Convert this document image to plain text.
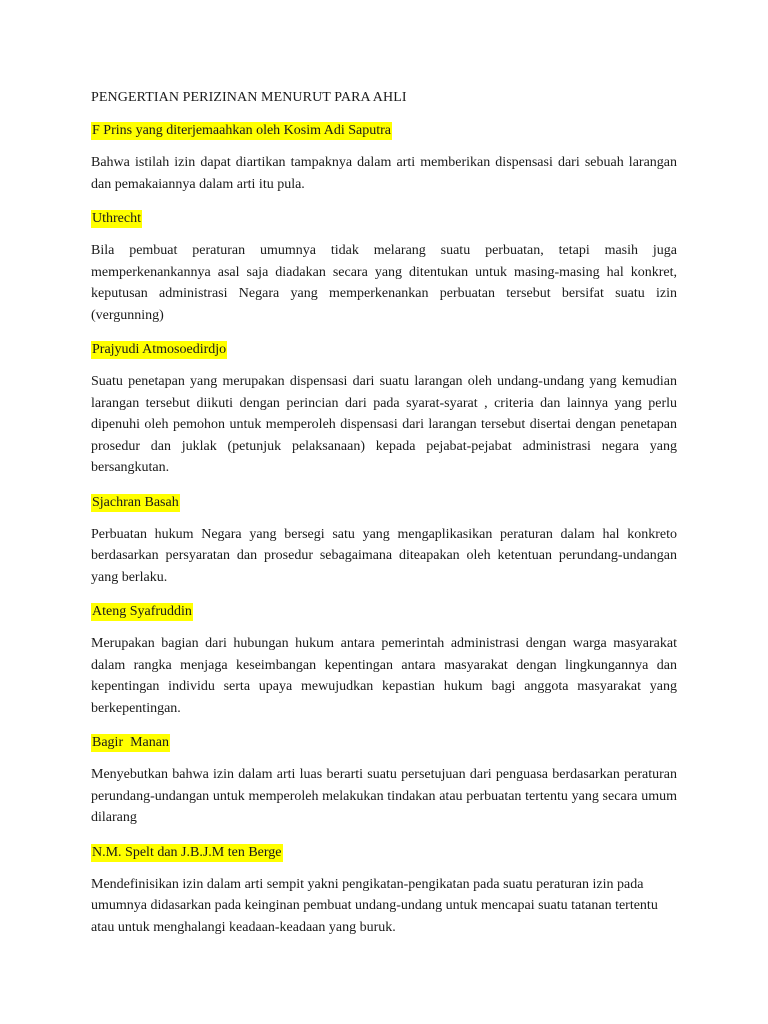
PENGERTIAN PERIZINAN MENURUT PARA AHLI
F Prins yang diterjemaahkan oleh Kosim Adi Saputra

Bahwa istilah izin dapat diartikan tampaknya dalam arti memberikan dispensasi dari sebuah larangan dan pemakaiannya dalam arti itu pula.

Uthrecht

Bila pembuat peraturan umumnya tidak melarang suatu perbuatan, tetapi masih juga memperkenankannya asal saja diadakan secara yang ditentukan untuk masing-masing hal konkret, keputusan administrasi Negara yang memperkenankan perbuatan tersebut bersifat suatu izin (vergunning)

Prajyudi Atmosoedirdjo

Suatu penetapan yang merupakan dispensasi dari suatu larangan oleh undang-undang yang kemudian larangan tersebut diikuti dengan perincian dari pada syarat-syarat , criteria dan lainnya yang perlu dipenuhi oleh pemohon untuk memperoleh dispensasi dari larangan tersebut disertai dengan penetapan prosedur dan juklak (petunjuk pelaksanaan) kepada pejabat-pejabat administrasi negara yang bersangkutan.

Sjachran Basah

Perbuatan hukum Negara yang bersegi satu yang mengaplikasikan peraturan dalam hal konkreto berdasarkan persyaratan dan prosedur sebagaimana diteapakan oleh ketentuan perundang-undangan yang berlaku.

Ateng Syafruddin

Merupakan bagian dari hubungan hukum antara pemerintah administrasi dengan warga masyarakat dalam rangka menjaga keseimbangan kepentingan antara masyarakat dengan lingkungannya dan kepentingan individu serta upaya mewujudkan kepastian hukum bagi anggota masyarakat yang berkepentingan.

Bagir  Manan

Menyebutkan bahwa izin dalam arti luas berarti suatu persetujuan dari penguasa berdasarkan peraturan perundang-undangan untuk memperoleh melakukan tindakan atau perbuatan tertentu yang secara umum dilarang

N.M. Spelt dan J.B.J.M ten Berge

Mendefinisikan izin dalam arti sempit yakni pengikatan-pengikatan pada suatu peraturan izin pada umumnya didasarkan pada keinginan pembuat undang-undang untuk mencapai suatu tatanan tertentu atau untuk menghalangi keadaan-keadaan yang buruk.
